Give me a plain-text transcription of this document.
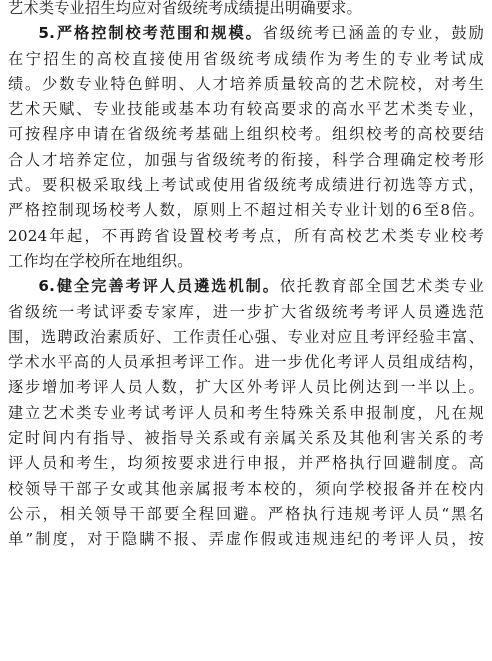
艺术类专业招生均应对省级统考成绩提出明确要求。

5.严格控制校考范围和规模。省级统考已涵盖的专业，鼓励
在宁招生的高校直接使用省级统考成绩作为考生的专业考试成
绩。少数专业特色鲜明、人才培养质量较高的艺术院校，对考生
艺术天赋、专业技能或基本功有较高要求的高水平艺术类专业，
可按程序申请在省级统考基础上组织校考。组织校考的高校要结
合人才培养定位，加强与省级统考的衔接，科学合理确定校考形
式。要积极采取线上考试或使用省级统考成绩进行初选等方式，
严格控制现场校考人数，原则上不超过相关专业计划的6至8倍。
2024年起，不再跨省设置校考考点，所有高校艺术类专业校考
工作均在学校所在地组织。

6.健全完善考评人员遴选机制。依托教育部全国艺术类专业
省级统一考试评委专家库，进一步扩大省级统考考评人员遴选范
围，选聘政治素质好、工作责任心强、专业对应且考评经验丰富、
学术水平高的人员承担考评工作。进一步优化考评人员组成结构，
逐步增加考评人员人数，扩大区外考评人员比例达到一半以上。
建立艺术类专业考试考评人员和考生特殊关系申报制度，凡在规
定时间内有指导、被指导关系或有亲属关系及其他利害关系的考
评人员和考生，均须按要求进行申报，并严格执行回避制度。高
校领导干部子女或其他亲属报考本校的，须向学校报备并在校内
公示，相关领导干部要全程回避。严格执行违规考评人员“黑名
单”制度，对于隐瞒不报、弄虚作假或违规违纪的考评人员，按
